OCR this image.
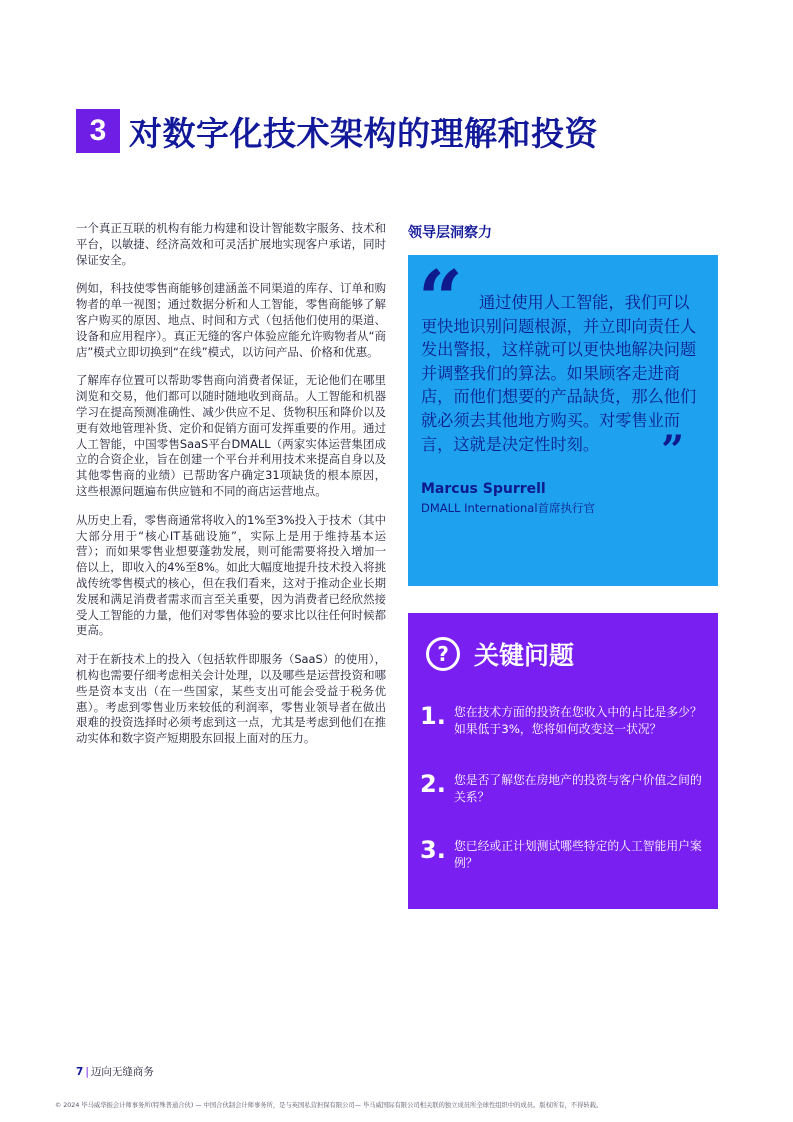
3 对数字化技术架构的理解和投资

一个真正互联的机构有能力构建和设计智能数字服务、技术和平台，以敏捷、经济高效和可灵活扩展地实现客户承诺，同时保证安全。

例如，科技使零售商能够创建涵盖不同渠道的库存、订单和购物者的单一视图；通过数据分析和人工智能，零售商能够了解客户购买的原因、地点、时间和方式（包括他们使用的渠道、设备和应用程序）。真正无缝的客户体验应能允许购物者从“商店”模式立即切换到“在线”模式，以访问产品、价格和优惠。

了解库存位置可以帮助零售商向消费者保证，无论他们在哪里浏览和交易，他们都可以随时随地收到商品。人工智能和机器学习在提高预测准确性、减少供应不足、货物积压和降价以及更有效地管理补货、定价和促销方面可发挥重要的作用。通过人工智能，中国零售SaaS平台DMALL（两家实体运营集团成立的合资企业，旨在创建一个平台并利用技术来提高自身以及其他零售商的业绩）已帮助客户确定31项缺货的根本原因，这些根源问题遍布供应链和不同的商店运营地点。

从历史上看，零售商通常将收入的1%至3%投入于技术（其中大部分用于“核心IT基础设施”，实际上是用于维持基本运营）；而如果零售业想要蓬勃发展，则可能需要将投入增加一倍以上，即收入的4%至8%。如此大幅度地提升技术投入将挑战传统零售模式的核心，但在我们看来，这对于推动企业长期发展和满足消费者需求而言至关重要，因为消费者已经欣然接受人工智能的力量，他们对零售体验的要求比以往任何时候都更高。

对于在新技术上的投入（包括软件即服务（SaaS）的使用），机构也需要仔细考虑相关会计处理，以及哪些是运营投资和哪些是资本支出（在一些国家，某些支出可能会受益于税务优惠）。考虑到零售业历来较低的利润率，零售业领导者在做出艰难的投资选择时必须考虑到这一点，尤其是考虑到他们在推动实体和数字资产短期股东回报上面对的压力。

领导层洞察力
“ 通过使用人工智能，我们可以更快地识别问题根源，并立即向责任人发出警报，这样就可以更快地解决问题并调整我们的算法。如果顾客走进商店，而他们想要的产品缺货，那么他们就必须去其他地方购买。对零售业而言，这就是决定性时刻。 ”
Marcus Spurrell
DMALL International首席执行官
?	关键问题
1. 您在技术方面的投资在您收入中的占比是多少？如果低于3%，您将如何改变这一状况？
2. 您是否了解您在房地产的投资与客户价值之间的关系？
3. 您已经或正计划测试哪些特定的人工智能用户案例？
7 | 迈向无缝商务
© 2024 毕马威华振会计师事务所(特殊普通合伙) — 中国合伙制会计师事务所，是与英国私营担保有限公司— 毕马威国际有限公司相关联的独立成员所全球性组织中的成员。版权所有，不得转载。
